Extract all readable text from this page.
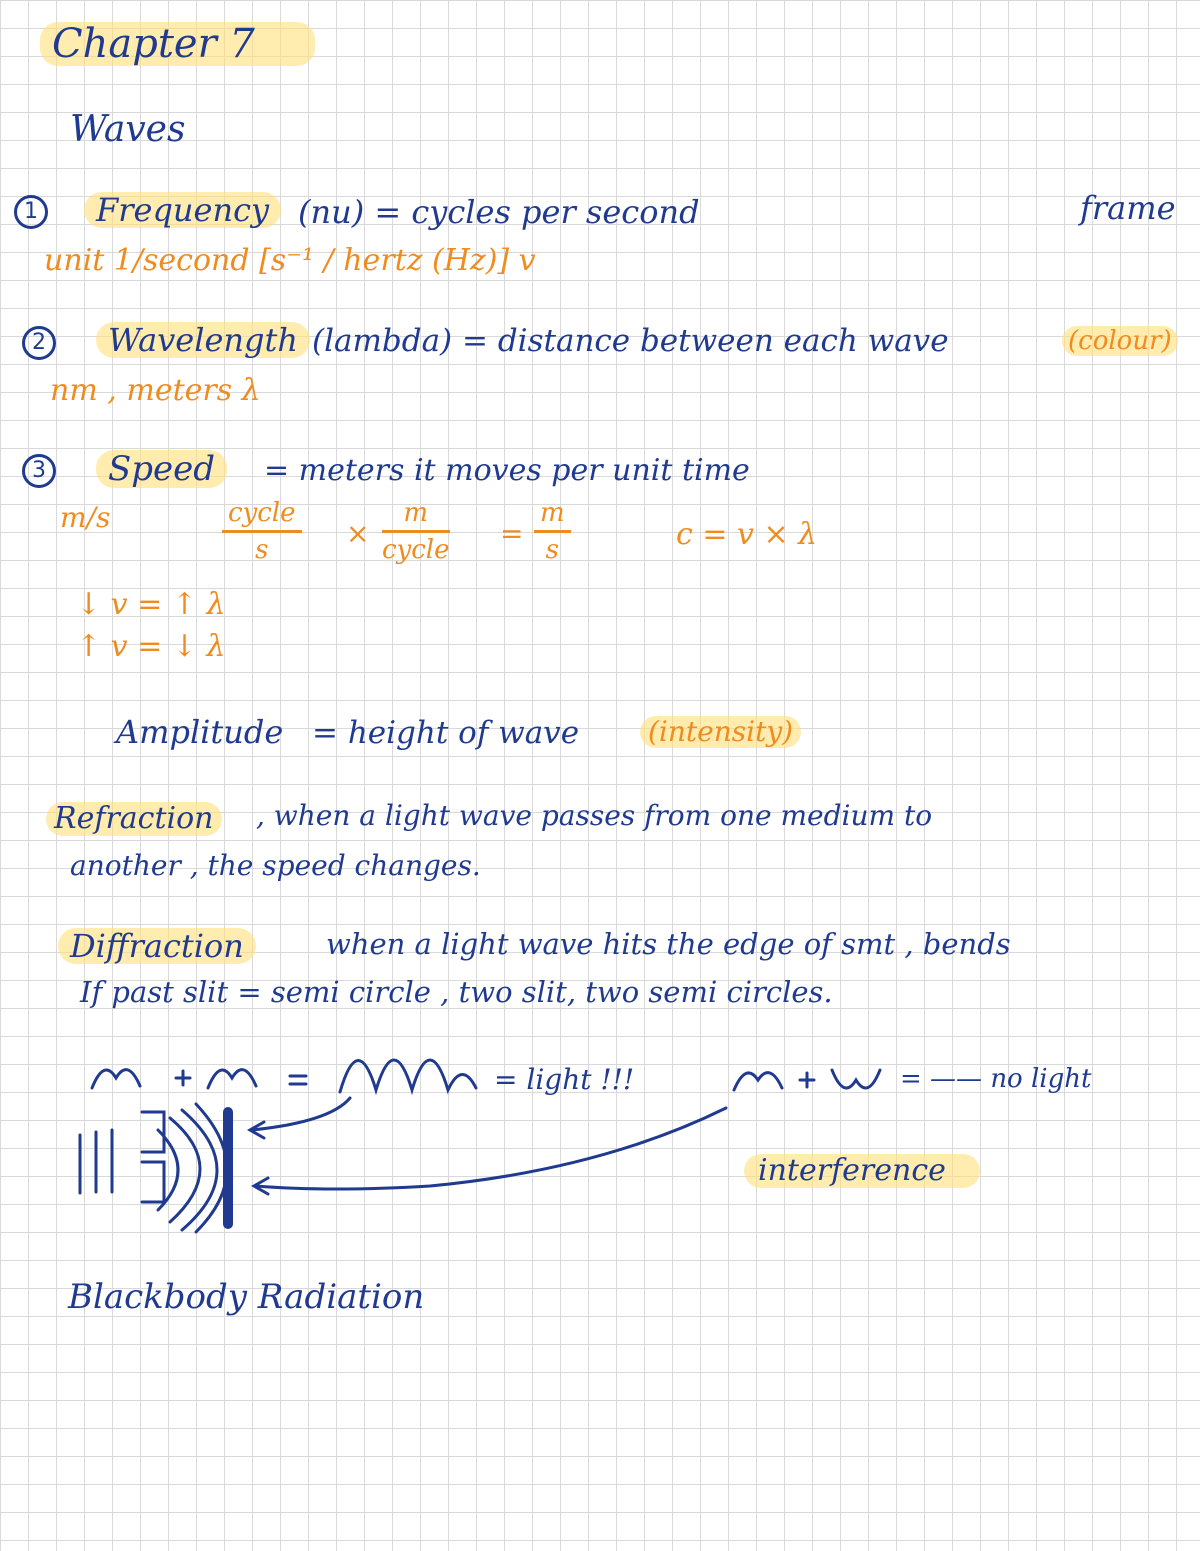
Chapter 7
Waves
frame
1	Frequency (nu) = cycles per second
unit 1/second [s⁻¹ / hertz (Hz)] v
2	Wavelength (lambda) = distance between each wave	(colour)
nm , meters λ
3	Speed	= meters it moves per unit time
m/s	cycle
s	×
m
cycle = $\frac{m}{s}$	c = v × λ
↓ v = ↑ λ
↑ v = ↓ λ
Amplitude = height of wave (intensity)
Refraction , when a light wave passes from one medium to
another , the speed changes.
Diffraction	when a light wave hits the edge of smt , bends
If past slit = semi circle , two slit, two semi circles.
= light !!!	= —— no light
interference
Blackbody Radiation
